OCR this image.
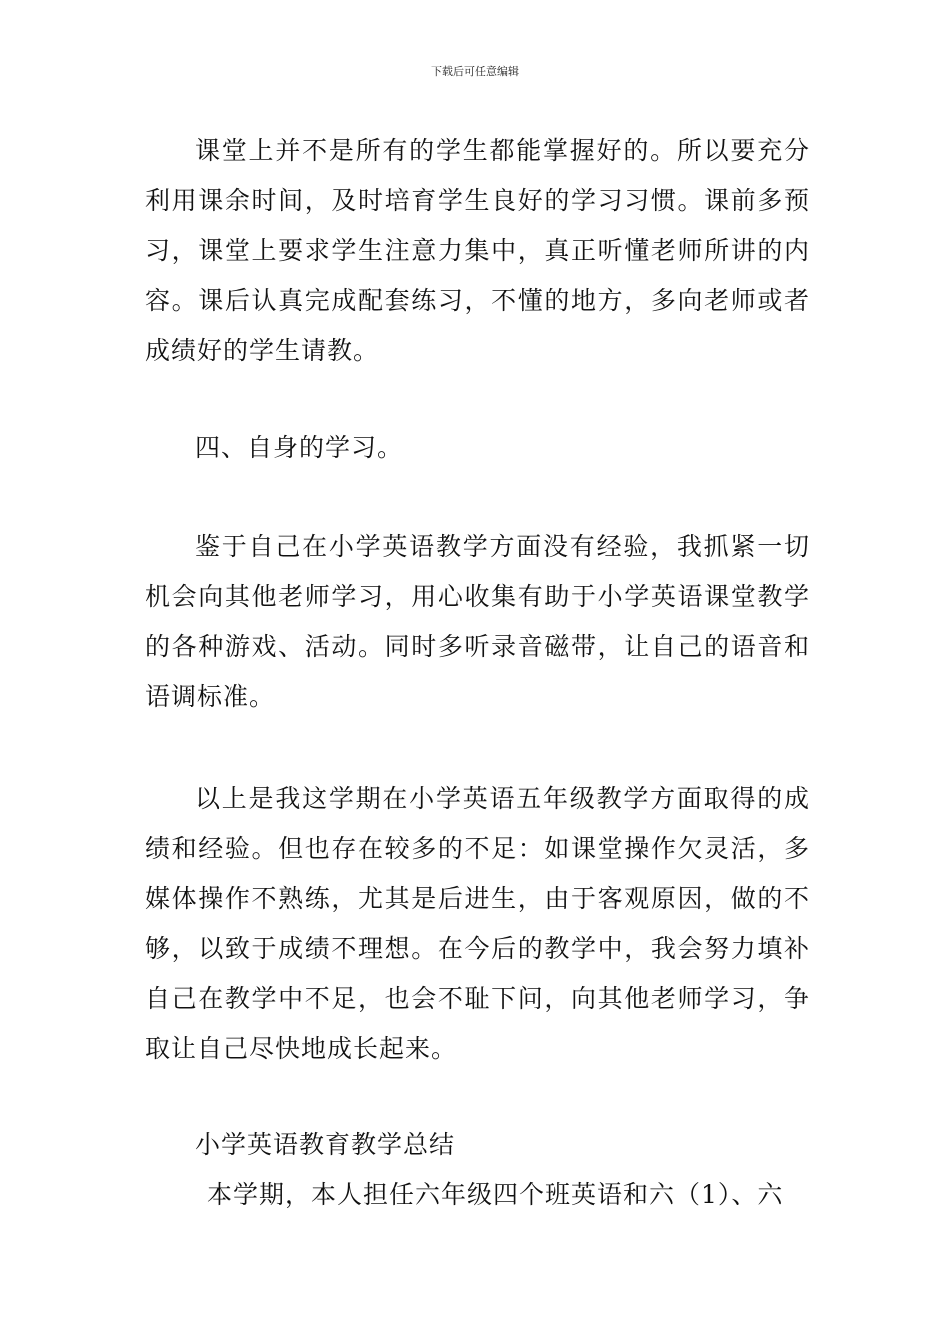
下载后可任意编辑

课堂上并不是所有的学生都能掌握好的。所以要充分利用课余时间，及时培育学生良好的学习习惯。课前多预习，课堂上要求学生注意力集中，真正听懂老师所讲的内容。课后认真完成配套练习，不懂的地方，多向老师或者成绩好的学生请教。

四、自身的学习。

鉴于自己在小学英语教学方面没有经验，我抓紧一切机会向其他老师学习，用心收集有助于小学英语课堂教学的各种游戏、活动。同时多听录音磁带，让自己的语音和语调标准。

以上是我这学期在小学英语五年级教学方面取得的成绩和经验。但也存在较多的不足：如课堂操作欠灵活，多媒体操作不熟练，尤其是后进生，由于客观原因，做的不够，以致于成绩不理想。在今后的教学中，我会努力填补自己在教学中不足，也会不耻下问，向其他老师学习，争取让自己尽快地成长起来。

小学英语教育教学总结

本学期，本人担任六年级四个班英语和六（1）、六
